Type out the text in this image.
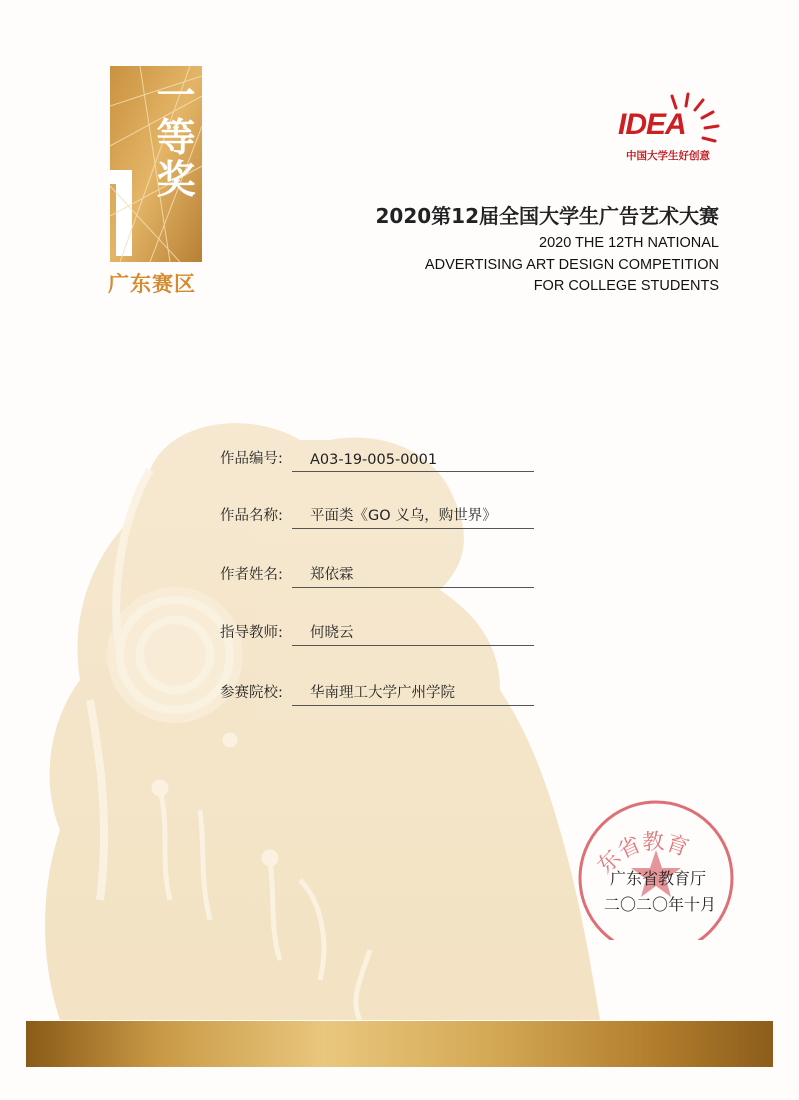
一
等
奖
广东赛区
IDEA
中国大学生好创意
2020第12届全国大学生广告艺术大赛
2020 THE 12TH NATIONAL
ADVERTISING ART DESIGN COMPETITION
FOR COLLEGE STUDENTS
作品编号: A03-19-005-0001
作品名称: 平面类《GO 义乌，购世界》
作者姓名: 郑依霖
指导教师: 何晓云
参赛院校: 华南理工大学广州学院
东省教育
广东省教育厅
二〇二〇年十月
